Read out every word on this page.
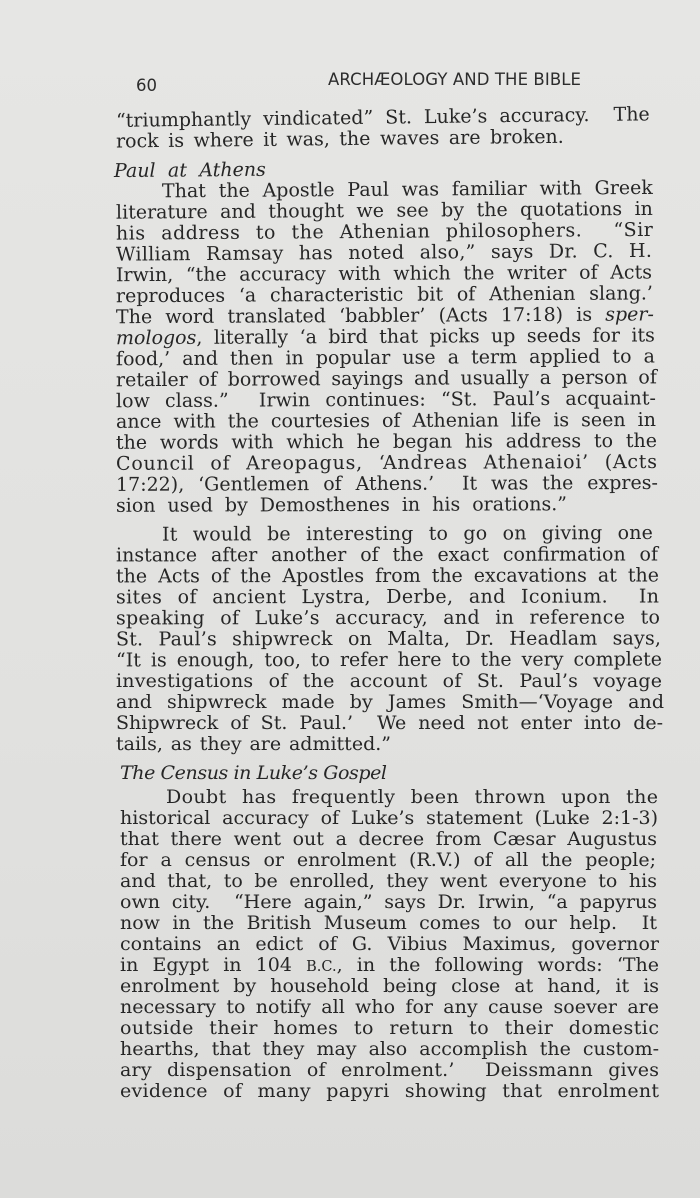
60	ARCHÆOLOGY AND THE BIBLE
“triumphantly vindicated” St. Luke’s accuracy.  The
rock is where it was, the waves are broken.
Paul at Athens
That the Apostle Paul was familiar with Greek
literature and thought we see by the quotations in
his address to the Athenian philosophers.  “Sir
William Ramsay has noted also,” says Dr. C. H.
Irwin, “the accuracy with which the writer of Acts
reproduces ‘a characteristic bit of Athenian slang.’
The word translated ‘babbler’ (Acts 17:18) is sper-
mologos, literally ‘a bird that picks up seeds for its
food,’ and then in popular use a term applied to a
retailer of borrowed sayings and usually a person of
low class.”  Irwin continues: “St. Paul’s acquaint-
ance with the courtesies of Athenian life is seen in
the words with which he began his address to the
Council of Areopagus, ‘Andreas Athenaioi’ (Acts
17:22), ‘Gentlemen of Athens.’  It was the expres-
sion used by Demosthenes in his orations.”
It would be interesting to go on giving one
instance after another of the exact confirmation of
the Acts of the Apostles from the excavations at the
sites of ancient Lystra, Derbe, and Iconium.  In
speaking of Luke’s accuracy, and in reference to
St. Paul’s shipwreck on Malta, Dr. Headlam says,
“It is enough, too, to refer here to the very complete
investigations of the account of St. Paul’s voyage
and shipwreck made by James Smith—‘Voyage and
Shipwreck of St. Paul.’  We need not enter into de-
tails, as they are admitted.”
The Census in Luke’s Gospel
Doubt has frequently been thrown upon the
historical accuracy of Luke’s statement (Luke 2:1-3)
that there went out a decree from Cæsar Augustus
for a census or enrolment (R.V.) of all the people;
and that, to be enrolled, they went everyone to his
own city.  “Here again,” says Dr. Irwin, “a papyrus
now in the British Museum comes to our help.  It
contains an edict of G. Vibius Maximus, governor
in Egypt in 104 B.C., in the following words: ‘The
enrolment by household being close at hand, it is
necessary to notify all who for any cause soever are
outside their homes to return to their domestic
hearths, that they may also accomplish the custom-
ary dispensation of enrolment.’  Deissmann gives
evidence of many papyri showing that enrolment
